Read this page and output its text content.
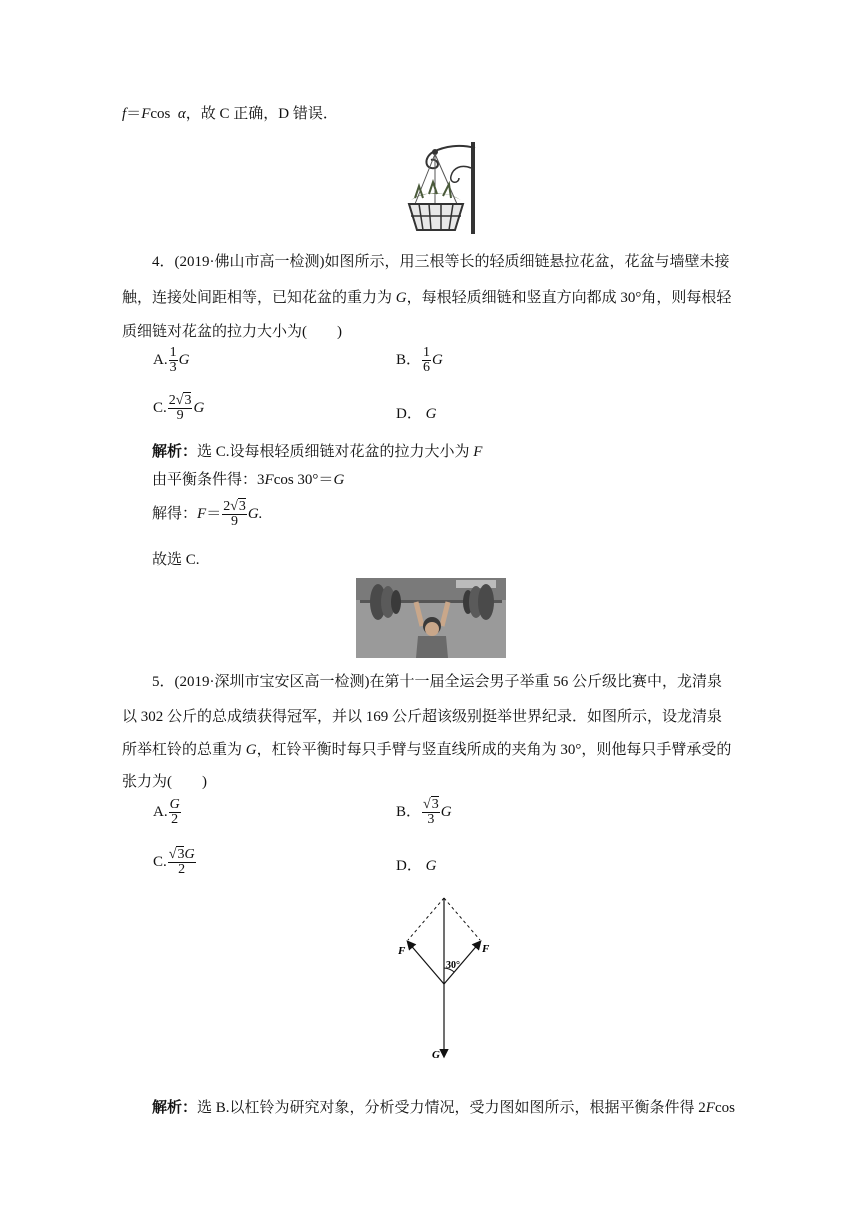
f＝Fcos α，故 C 正确，D 错误．
4．(2019·佛山市高一检测)如图所示，用三根等长的轻质细链悬拉花盆，花盆与墙壁未接
触，连接处间距相等，已知花盆的重力为 G，每根轻质细链和竖直方向都成 30°角，则每根轻
质细链对花盆的拉力大小为(　　)
A. $\frac{1}{3}$ G	B． $\frac{1}{6}$ G
C. $\frac{2√3}{9}$ G	D． G
解析：选 C.设每根轻质细链对花盆的拉力大小为 F
由平衡条件得：3Fcos 30°＝G
解得：$F= \frac{2√3}{9} G$.
故选 C.
5．(2019·深圳市宝安区高一检测)在第十一届全运会男子举重 56 公斤级比赛中，龙清泉
以 302 公斤的总成绩获得冠军，并以 169 公斤超该级别挺举世界纪录．如图所示，设龙清泉
所举杠铃的总重为 G，杠铃平衡时每只手臂与竖直线所成的夹角为 30°，则他每只手臂承受的
张力为(　　)
A. $\frac{G}{2}$	B． $\frac{√3}{3}$ G
C. $\frac{√3G}{2}$	D． G
F	F
30°
G
解析：选 B.以杠铃为研究对象，分析受力情况，受力图如图所示，根据平衡条件得 2Fcos
